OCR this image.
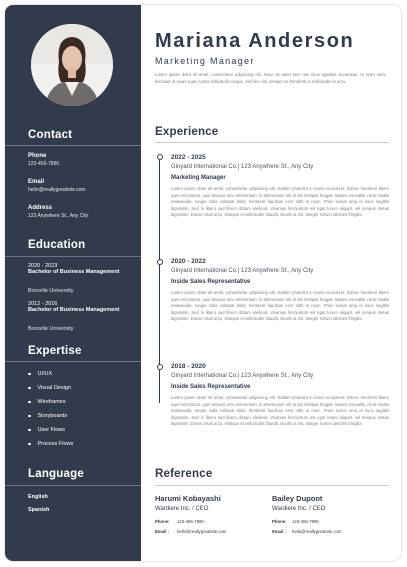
Contact
Phone
123-456-7890
Email
hello@reallygreatsite.com
Address
123 Anywhere St., Any City
Education
2020 - 2023
Bachelor of Business Management
Borcelle University
2012 - 2016
Bachelor of Business Management
Borcelle University
Expertise
UI/UX
Visual Design
Wireframes
Storyboards
User Flows
Process Flows
Language
English
Spanish
Mariana Anderson
Marketing Manager
Lorem ipsum dolor sit amet, consectetur adipiscing elit. Nunc sit amet sem nec risus egestas accumsan. In enim nunc, tincidunt ut quam eget, luctus sollicitudin neque. Sed leo nisl, semper ac hendrerit a, sollicitudin in arcu.
Experience
2022 - 2025
Ginyard International Co.| 123 Anywhere St., Any City
Marketing Manager
Lorem ipsum dolor sit amet, consectetur adipiscing elit. Nullam pharetra in lorem at laoreet. Donec hendrerit libero eget est tempor, quis tempus arcu elementum. In elementum elit at dui tristique feugiat. Mauris convallis, mi at mattis malesuada, neque nulla volutpat dolor, hendrerit faucibus eros nibh ut nunc. Proin luctus urna id nunc sagittis dignissim. Sed in libero sed libero dictum eleifend. Vivamus fermentum est eget lorem aliquet, vel tempus metus dignissim. Donec risus arcu, tristique et sollicitudin blandit, iaculis ut est. Integer rutrum ultricies fringilla.
2020 - 2022
Ginyard International Co.| 123 Anywhere St., Any City
Inside Sales Representative
Lorem ipsum dolor sit amet, consectetur adipiscing elit. Nullam pharetra in lorem at laoreet. Donec hendrerit libero eget est tempor, quis tempus arcu elementum. In elementum elit at dui tristique feugiat. Mauris convallis, mi at mattis malesuada, neque nulla volutpat dolor, hendrerit faucibus eros nibh ut nunc. Proin luctus urna id nunc sagittis dignissim. Sed in libero sed libero dictum eleifend. Vivamus fermentum est eget lorem aliquet, vel tempus metus dignissim. Donec risus arcu, tristique et sollicitudin blandit, iaculis ut est. Integer rutrum ultricies fringilla.
2018 - 2020
Ginyard International Co.| 123 Anywhere St., Any City
Inside Sales Representative
Lorem ipsum dolor sit amet, consectetur adipiscing elit. Nullam pharetra in lorem at laoreet. Donec hendrerit libero eget est tempor, quis tempus arcu elementum. In elementum elit at dui tristique feugiat. Mauris convallis, mi at mattis malesuada, neque nulla volutpat dolor, hendrerit faucibus eros nibh ut nunc. Proin luctus urna id nunc sagittis dignissim. Sed in libero sed libero dictum eleifend. Vivamus fermentum est eget lorem aliquet, vel tempus metus dignissim. Donec risus arcu, tristique et sollicitudin blandit, iaculis ut est. Integer rutrum ultricies fringilla.
Reference
Harumi Kobayashi
Wardiere Inc. / CEO
Phone: 123-456-7890
Email : hello@reallygreatsite.com
Bailey Dupont
Wardiere Inc. / CEO
Phone: 123-456-7890
Email : hello@reallygreatsite.com
